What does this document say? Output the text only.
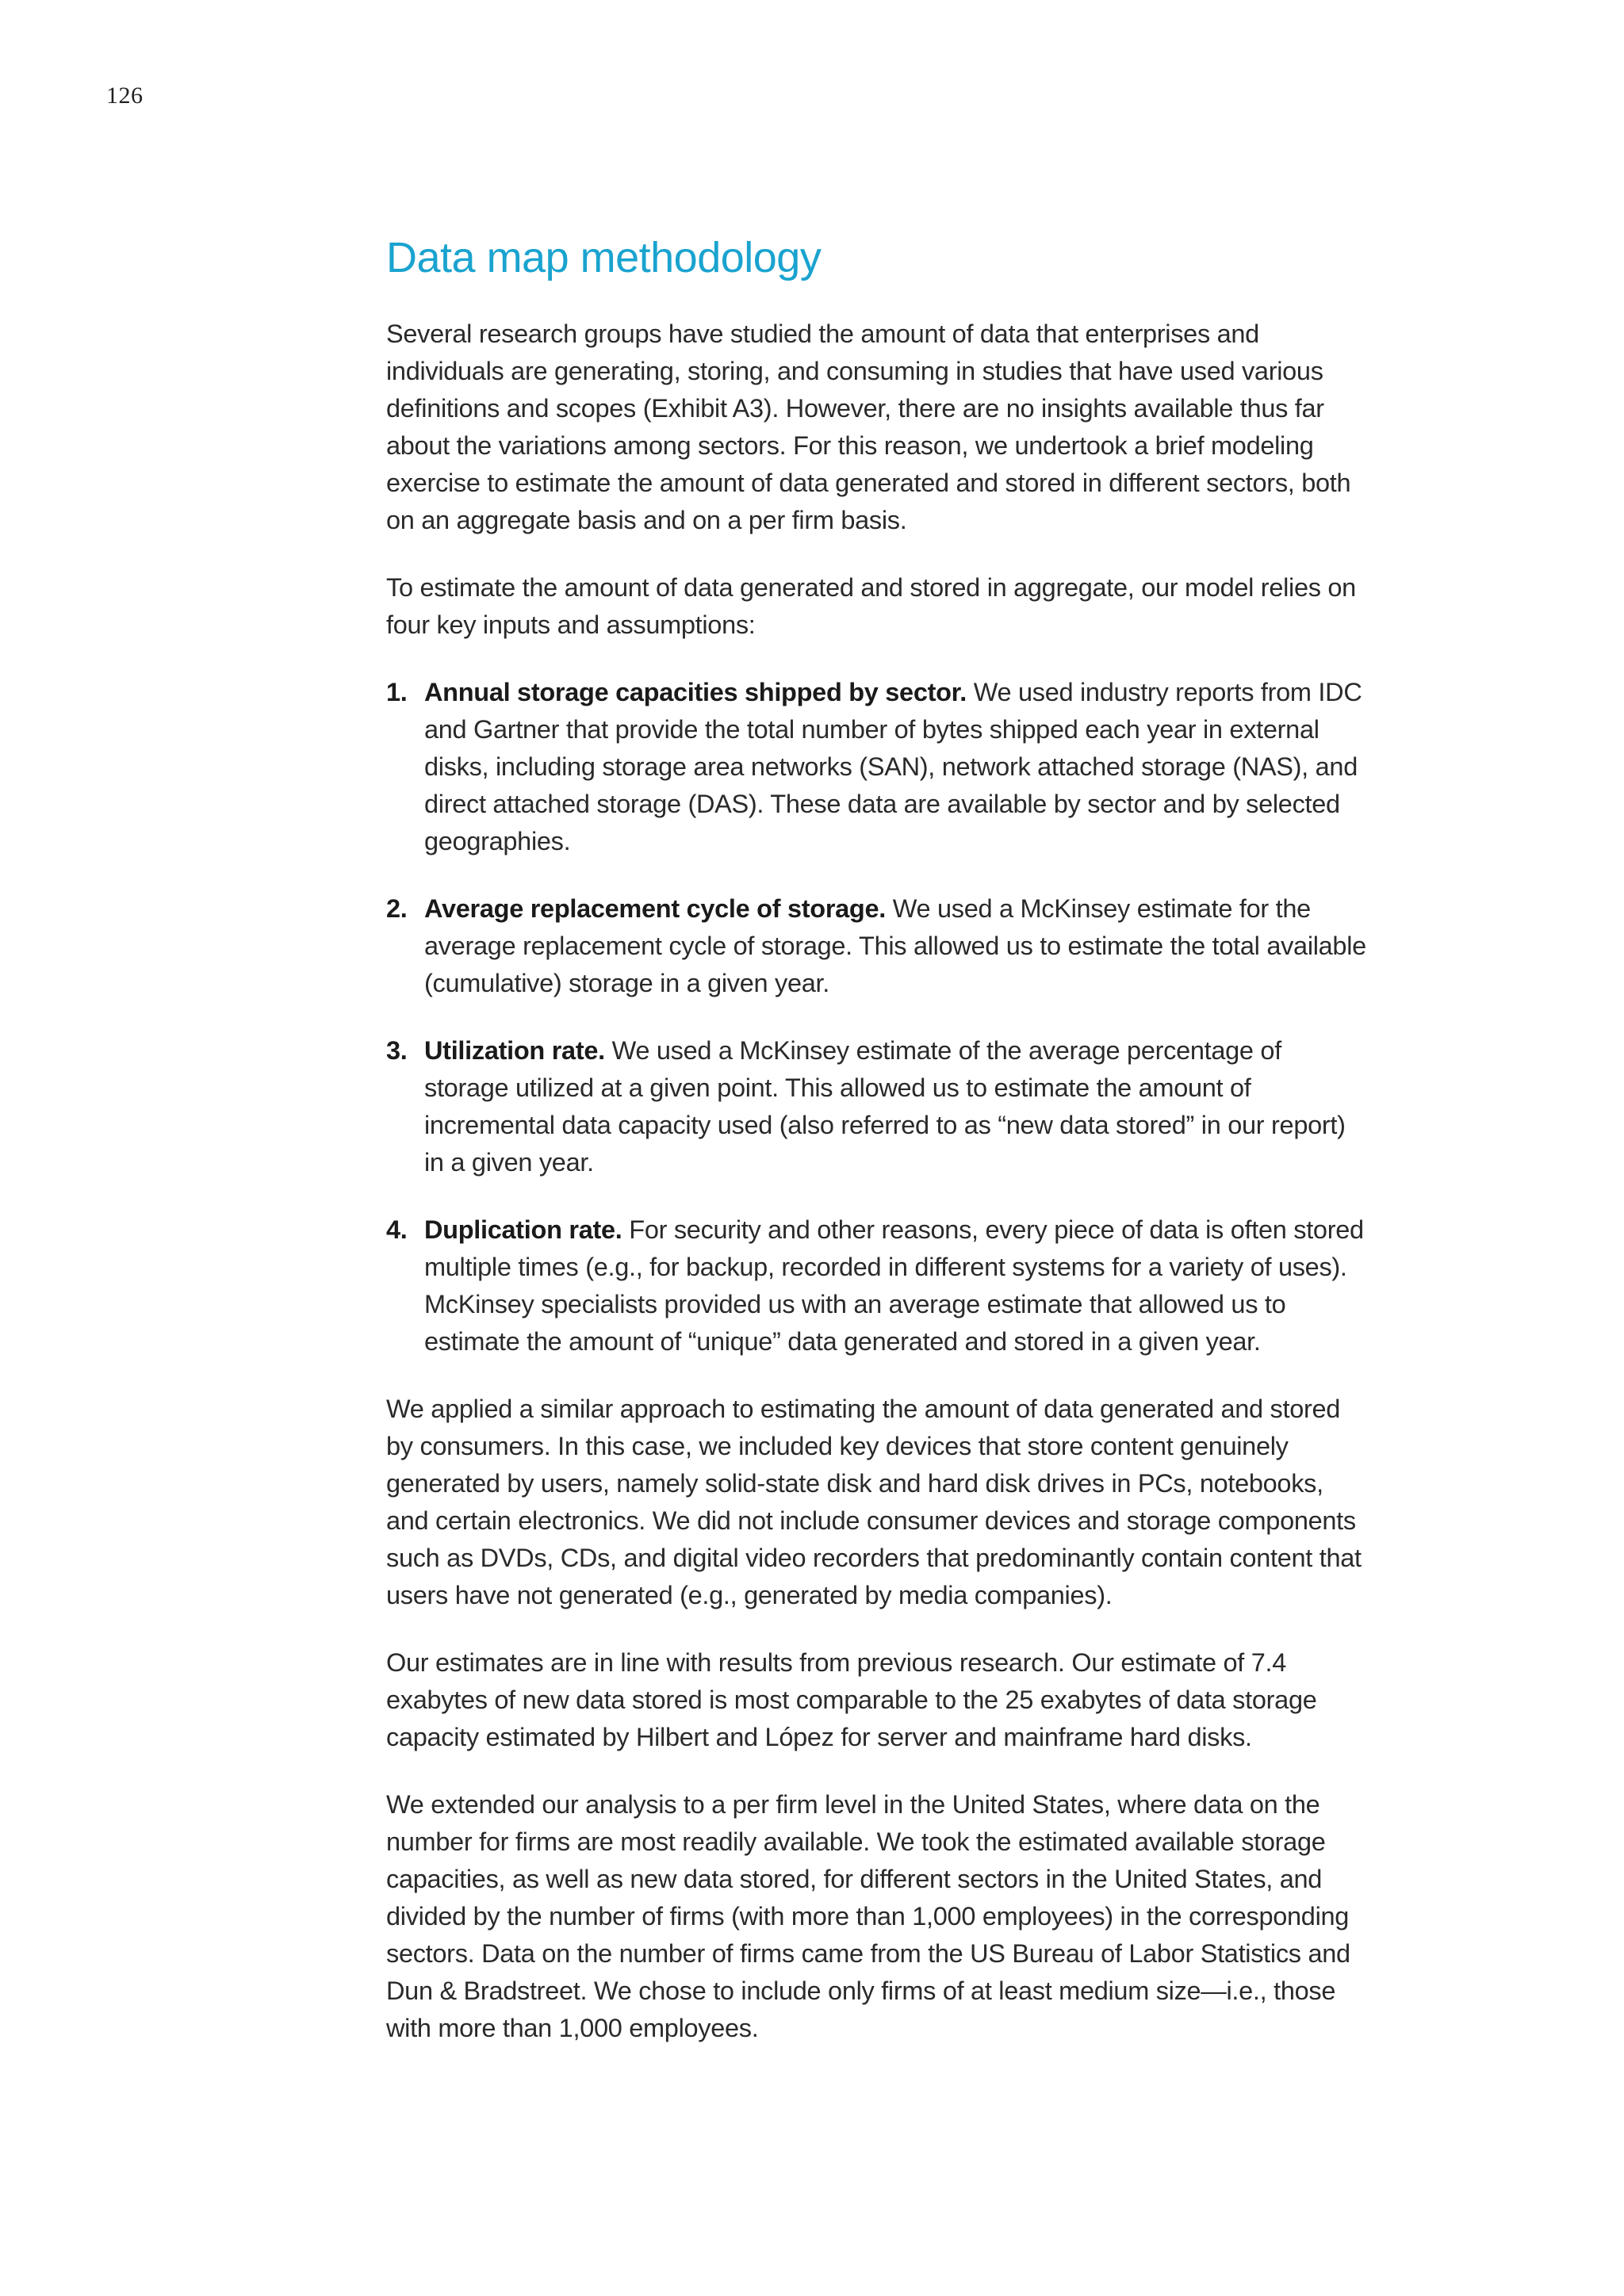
126
Data map methodology

Several research groups have studied the amount of data that enterprises and individuals are generating, storing, and consuming in studies that have used various definitions and scopes (Exhibit A3). However, there are no insights available thus far about the variations among sectors. For this reason, we undertook a brief modeling exercise to estimate the amount of data generated and stored in different sectors, both on an aggregate basis and on a per firm basis.

To estimate the amount of data generated and stored in aggregate, our model relies on four key inputs and assumptions:

1. Annual storage capacities shipped by sector. We used industry reports from IDC and Gartner that provide the total number of bytes shipped each year in external disks, including storage area networks (SAN), network attached storage (NAS), and direct attached storage (DAS). These data are available by sector and by selected geographies.
2. Average replacement cycle of storage. We used a McKinsey estimate for the average replacement cycle of storage. This allowed us to estimate the total available (cumulative) storage in a given year.
3. Utilization rate. We used a McKinsey estimate of the average percentage of storage utilized at a given point. This allowed us to estimate the amount of incremental data capacity used (also referred to as “new data stored” in our report) in a given year.
4. Duplication rate. For security and other reasons, every piece of data is often stored multiple times (e.g., for backup, recorded in different systems for a variety of uses). McKinsey specialists provided us with an average estimate that allowed us to estimate the amount of “unique” data generated and stored in a given year.

We applied a similar approach to estimating the amount of data generated and stored by consumers. In this case, we included key devices that store content genuinely generated by users, namely solid-state disk and hard disk drives in PCs, notebooks, and certain electronics. We did not include consumer devices and storage components such as DVDs, CDs, and digital video recorders that predominantly contain content that users have not generated (e.g., generated by media companies).

Our estimates are in line with results from previous research. Our estimate of 7.4 exabytes of new data stored is most comparable to the 25 exabytes of data storage capacity estimated by Hilbert and López for server and mainframe hard disks.

We extended our analysis to a per firm level in the United States, where data on the number for firms are most readily available. We took the estimated available storage capacities, as well as new data stored, for different sectors in the United States, and divided by the number of firms (with more than 1,000 employees) in the corresponding sectors. Data on the number of firms came from the US Bureau of Labor Statistics and Dun & Bradstreet. We chose to include only firms of at least medium size—i.e., those with more than 1,000 employees.
